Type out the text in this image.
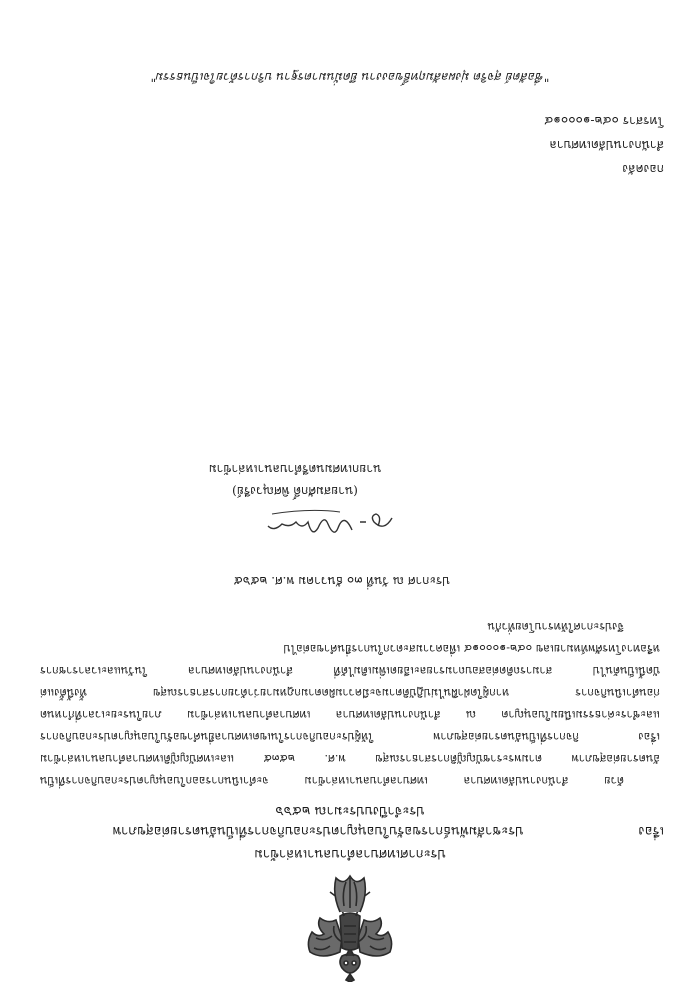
ประกาศเทศบาลตำบลนาเหล่าข้าม
เรื่อง
ประชาสัมพันธ์การขอรับใบอนุญาตประกอบกิจการที่เป็นอันตรายต่อสุขภาพ
ประจำปีงบประมาณ ๒๕๖๖
ด้วย สำนักงานปลัดเทศบาล เทศบาลตำบลนาเหล่าข้าม จะดำเนินการออกใบอนุญาตประกอบกิจการที่เป็น
อันตรายต่อสุขภาพ ตามพระราชบัญญัติการสาธารณสุข พ.ศ. ๒๕๓๕ และเทศบัญญัติเทศบาลตำบลนาเหล่าข้าม
เรื่อง กิจการที่เป็นอันตรายต่อสุขภาพ ให้ผู้ประกอบกิจการในเขตเทศบาลยื่นคำขอรับใบอนุญาตประกอบกิจการ
และชำระค่าธรรมเนียมใบอนุญาต ณ สำนักงานปลัดเทศบาล เทศบาลตำบลนาเหล่าข้าม ภายในระยะเวลาที่กำหนด
ก่อนดำเนินกิจการ หากผู้ใดฝ่าฝืนไม่ปฏิบัติตามจะมีความผิดตามกฎหมายว่าด้วยการสาธารณสุข ทั้งนี้ตั้งแต่
บัดนี้เป็นต้นไป สามารถติดต่อสอบถามรายละเอียดเพิ่มเติมได้ที่ สำนักงานปลัดเทศบาล ในวันและเวลาราชการ
หรือทางโทรศัพท์หมายเลข ๐๔๒-๑๐๐๐๑๔ เพื่อความสะดวกในการยื่นคำขอต่อไป
จึงประกาศให้ทราบโดยทั่วกัน
ประกาศ ณ วันที่ ๓๐ ธันวาคม พ.ศ. ๒๕๖๕
(นายสมศักดิ์ พิศณุวงรีย์)
นายกเทศมนตรีตำบลนาเหล่าข้าม
กองคลัง
สำนักงานปลัดเทศบาล
โทรสาร ๐๔๒-๑๐๐๐๑๔
"ซื่อสัตย์ สุจริต มุ่งผลสัมฤทธิ์ของงาน ยึดมั่นมาตรฐาน บริการด้วยใจเป็นธรรม"
